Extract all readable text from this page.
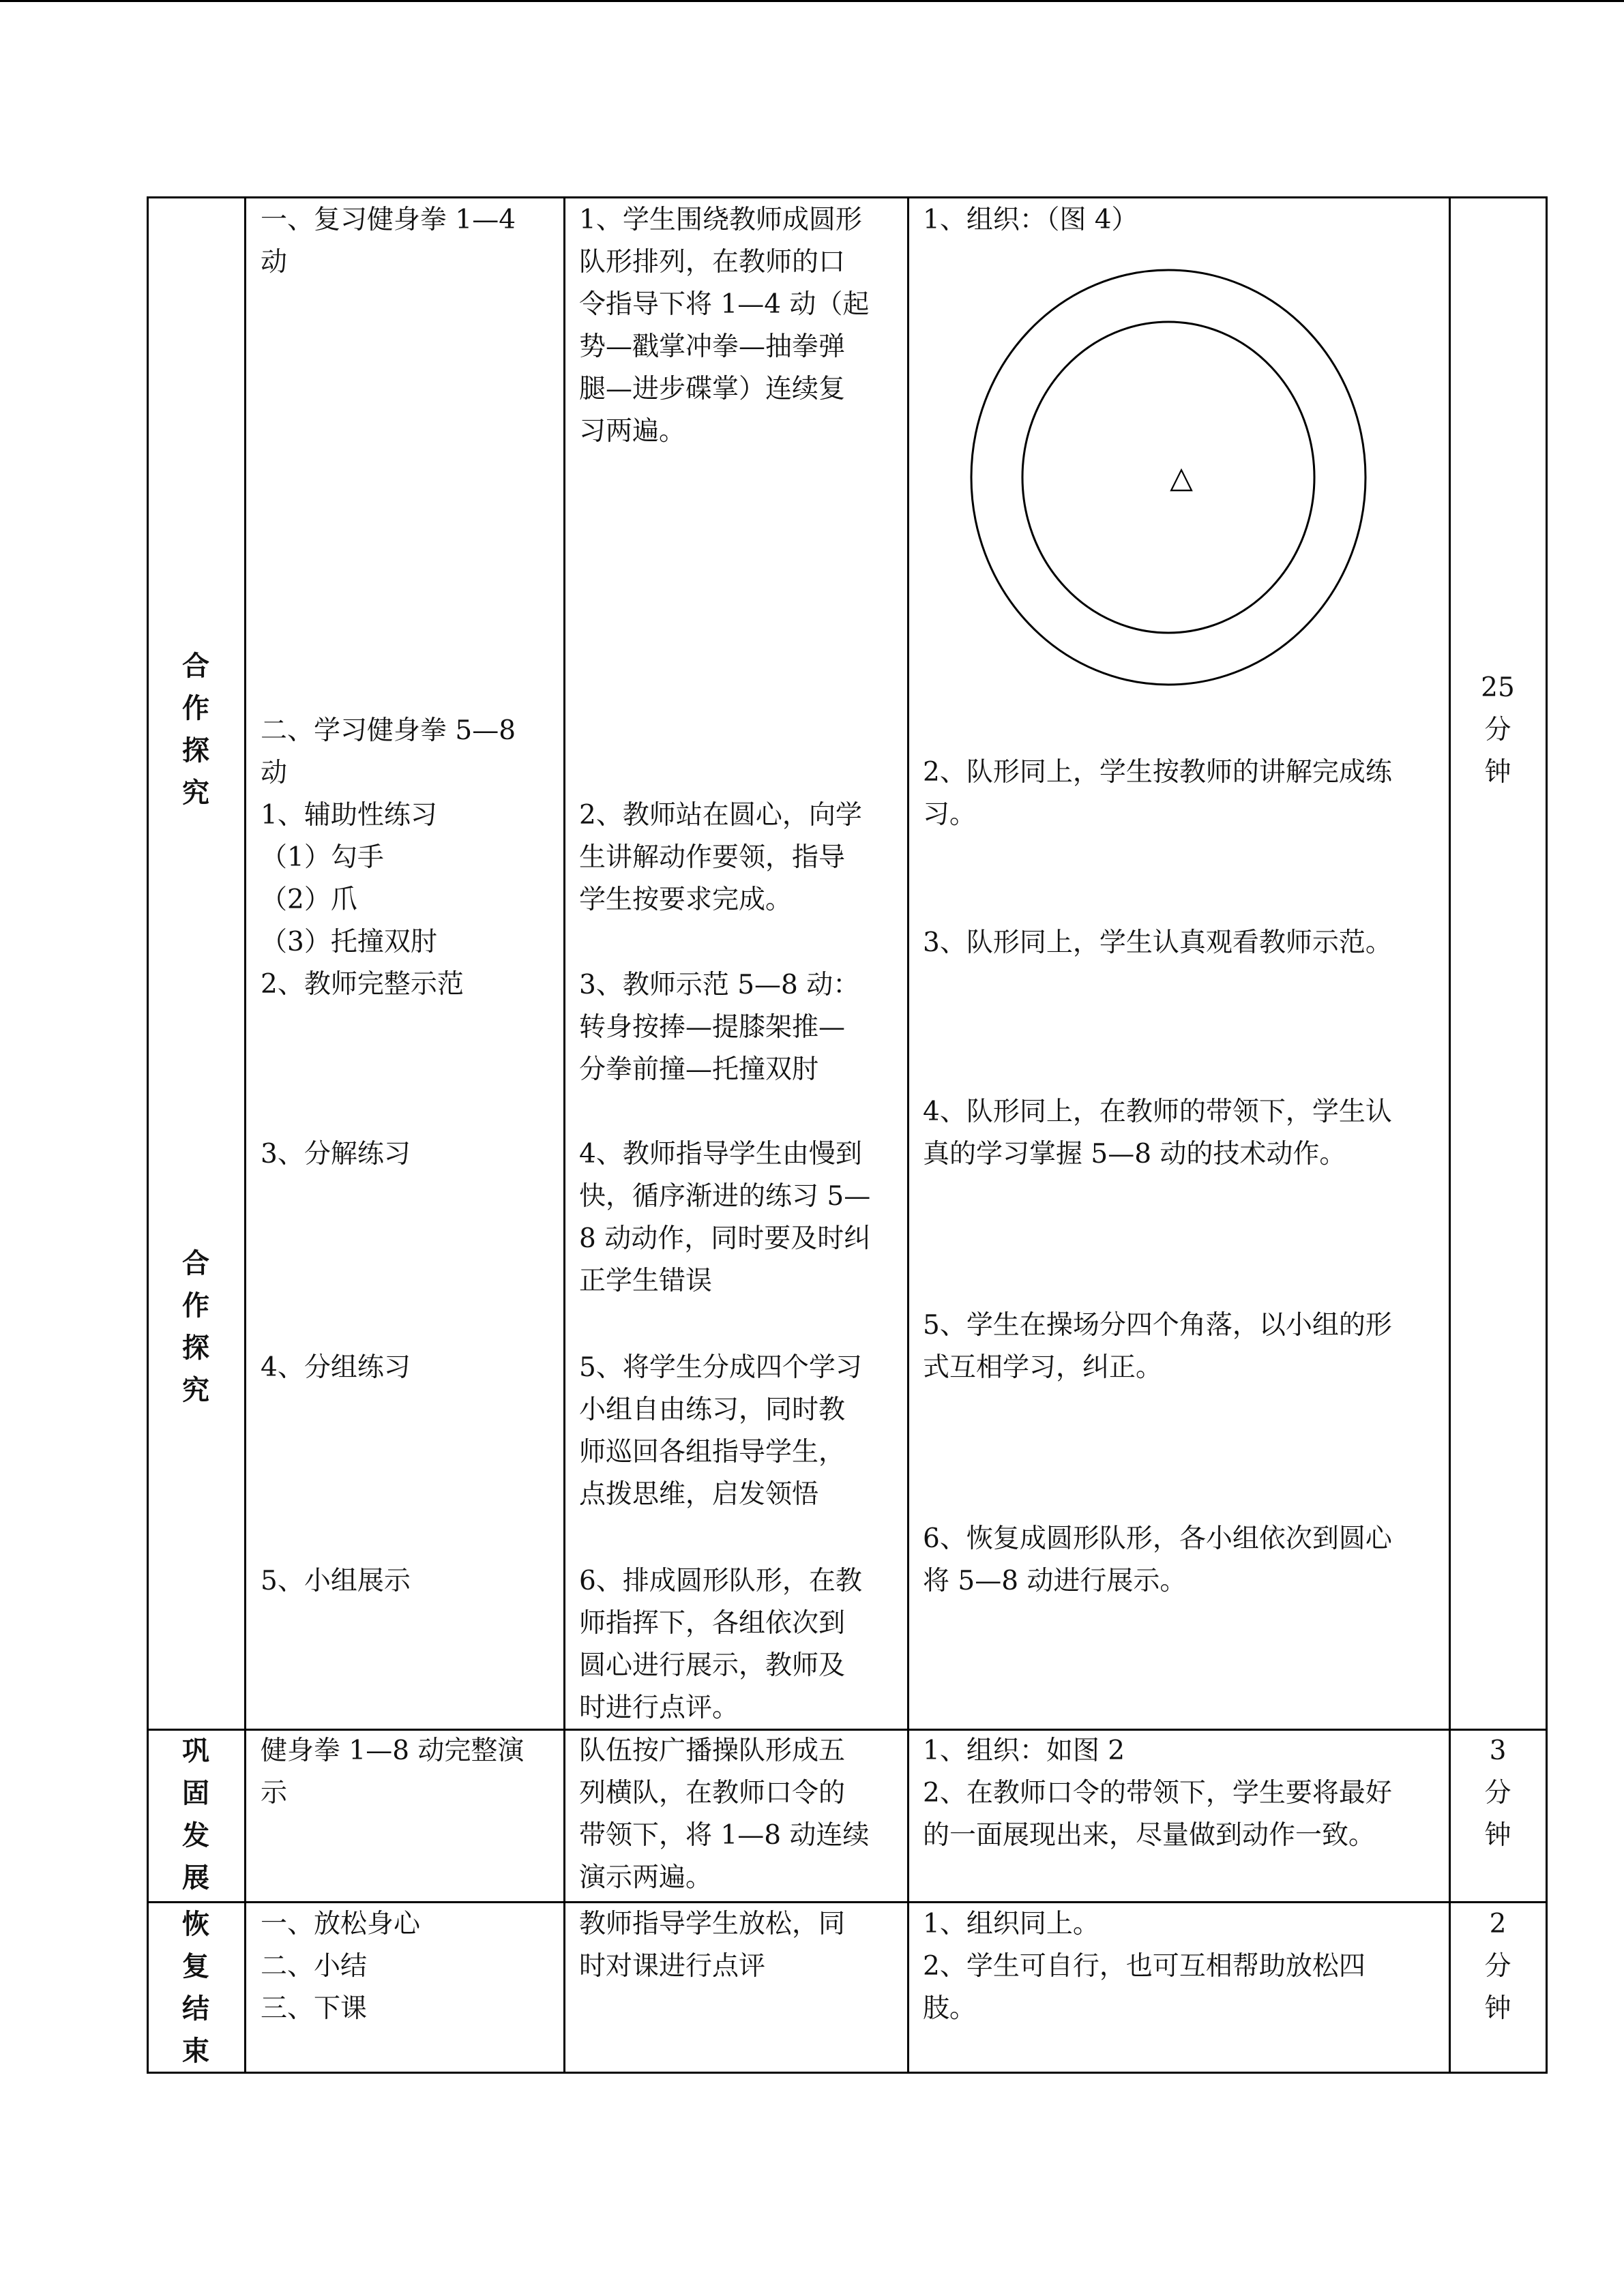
合
作
探
究
合
作
探
究
25
分
钟
一、复习健身拳 1—4
动
二、学习健身拳 5—8
动
1、辅助性练习
（1）勾手
（2）爪
（3）托撞双肘
2、教师完整示范
3、分解练习
4、分组练习
5、小组展示
1、学生围绕教师成圆形
队形排列，在教师的口
令指导下将 1—4 动（起
势—戳掌冲拳—抽拳弹
腿—进步碟掌）连续复
习两遍。
2、教师站在圆心，向学
生讲解动作要领，指导
学生按要求完成。
3、教师示范 5—8 动：
转身按捧—提膝架推—
分拳前撞—托撞双肘
4、教师指导学生由慢到
快，循序渐进的练习 5—
8 动动作，同时要及时纠
正学生错误
5、将学生分成四个学习
小组自由练习，同时教
师巡回各组指导学生，
点拨思维，启发领悟
6、排成圆形队形，在教
师指挥下，各组依次到
圆心进行展示，教师及
时进行点评。
1、组织：（图 4）
△
2、队形同上，学生按教师的讲解完成练
习。
3、队形同上，学生认真观看教师示范。
4、队形同上，在教师的带领下，学生认
真的学习掌握 5—8 动的技术动作。
5、学生在操场分四个角落，以小组的形
式互相学习，纠正。
6、恢复成圆形队形，各小组依次到圆心
将 5—8 动进行展示。
巩
固
发
展
健身拳 1—8 动完整演
示
队伍按广播操队形成五
列横队，在教师口令的
带领下，将 1—8 动连续
演示两遍。
1、组织：如图 2
2、在教师口令的带领下，学生要将最好
的一面展现出来，尽量做到动作一致。
3
分
钟
恢
复
结
束
一、放松身心
二、小结
三、下课
教师指导学生放松，同
时对课进行点评
1、组织同上。
2、学生可自行，也可互相帮助放松四
肢。
2
分
钟
